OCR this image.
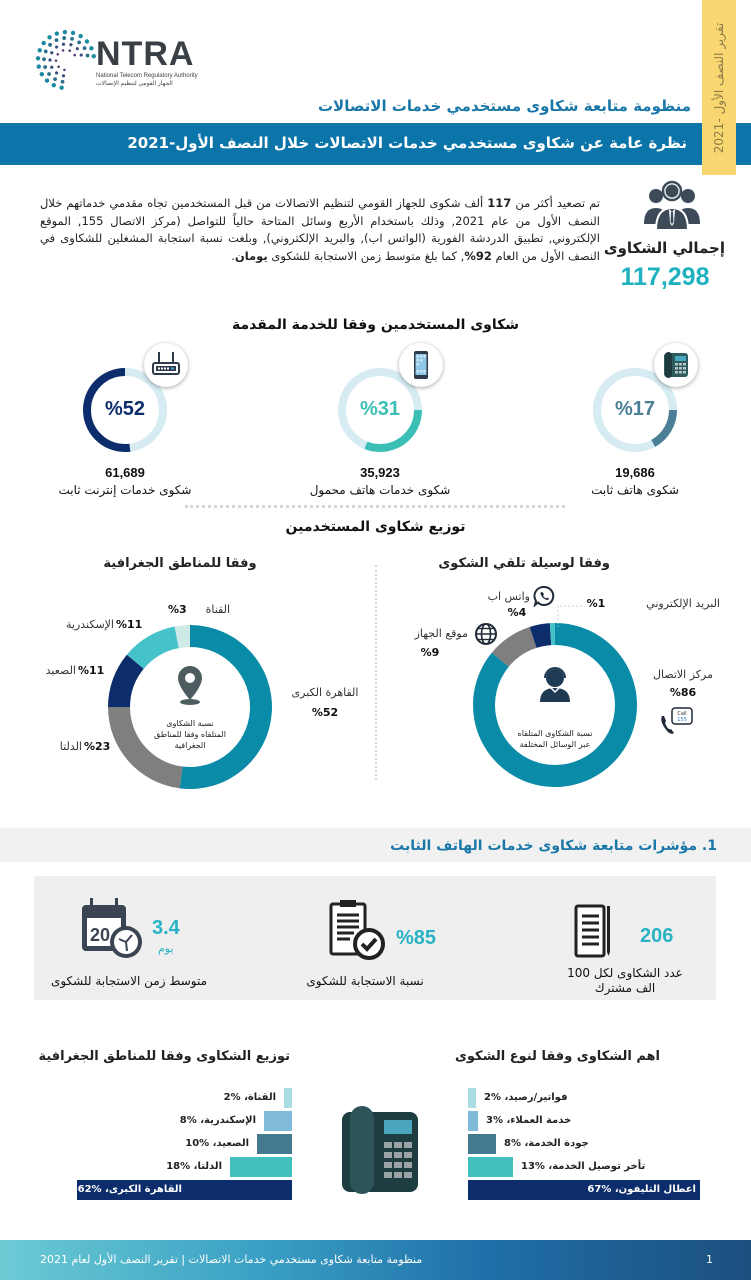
NTRA
National Telecom Regulatory Authority
الجهاز القومي لتنظيم الإتصالات
تقرير النصف الأول -2021
منظومة متابعة شكاوى مستخدمي خدمات الاتصالات
نظرة عامة عن شكاوى مستخدمي خدمات الاتصالات خلال النصف الأول-2021
إجمالي الشكاوى
117,298
تم تصعيد أكثر من 117 ألف شكوى للجهاز القومي لتنظيم الاتصالات من قبل المستخدمين تجاه مقدمي خدماتهم خلال النصف الأول من عام 2021, وذلك باستخدام الأربع وسائل المتاحة حالياً للتواصل (مركز الاتصال 155, الموقع الإلكتروني, تطبيق الدردشة الفورية (الواتس اب), والبريد الإلكتروني), وبلغت نسبة استجابة المشغلين للشكاوى في النصف الأول من العام 92%, كما بلغ متوسط زمن الاستجابة للشكوى يومان.
شكاوى المستخدمين وفقا للخدمة المقدمة
%17
19,686
شكوى هاتف ثابت
%31
35,923
شكوى خدمات هاتف محمول
%52
61,689
شكوى خدمات إنترنت ثابت
توزيع شكاوى المستخدمين
وفقا لوسيلة تلقي الشكوى
نسبة الشكاوى المتلقاه
عبر الوسائل المختلفة
مركز الاتصال
%86
Call
155
موقع الجهاز
%9
واتس اب
%4
%1	البريد الإلكتروني
وفقا للمناطق الجغرافية
نسبة الشكاوى
المتلقاه وفقا للمناطق
الجغرافية
القاهرة الكبرى
%52
%23
الدلتا
%11
الصعيد
%11
الإسكندرية
%3	القناة
1. مؤشرات متابعة شكاوى خدمات الهاتف الثابت
206
عدد الشكاوى لكل 100
الف مشترك
%85
نسبة الاستجابة للشكوى
20 3.4
يوم
متوسط زمن الاستجابة للشكوى
اهم الشكاوى وفقا لنوع الشكوى
فواتير/رصيد، %2
خدمة العملاء، %3
جودة الخدمة، %8
تأخر توصيل الخدمة، %13
اعطال التليفون، %67
توزيع الشكاوى وفقا للمناطق الجغرافية
القناة، %2
الإسكندرية، %8
الصعيد، %10
الدلتا، %18
القاهرة الكبرى، %62
منظومة متابعة شكاوى مستخدمي خدمات الاتصالات | تقرير النصف الأول لعام 2021	1
